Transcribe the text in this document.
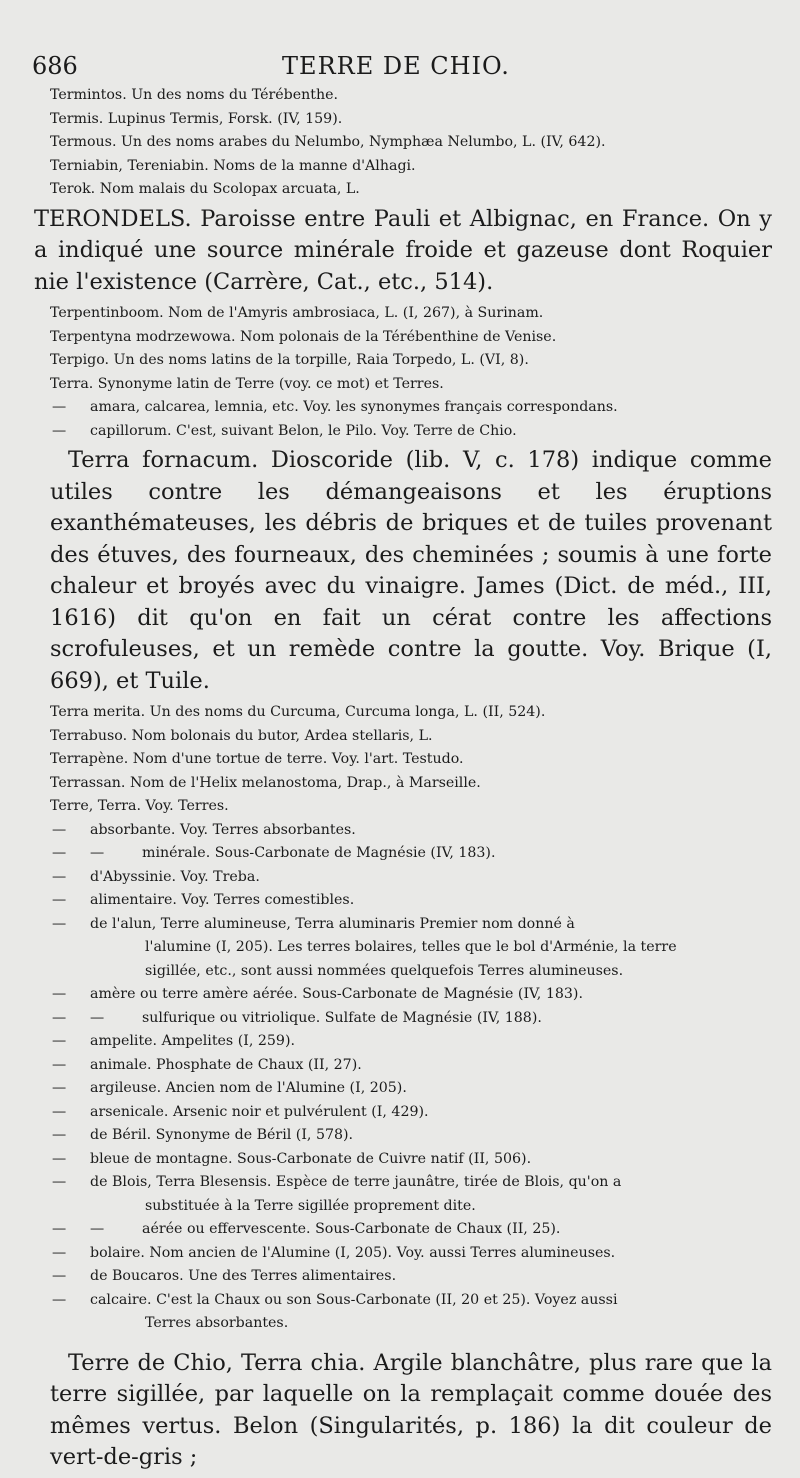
686	TERRE DE CHIO.
Termintos. Un des noms du Térébenthe.
Termis. Lupinus Termis, Forsk. (IV, 159).
Termous. Un des noms arabes du Nelumbo, Nymphæa Nelumbo, L. (IV, 642).
Terniabin, Tereniabin. Noms de la manne d'Alhagi.
Terok. Nom malais du Scolopax arcuata, L.
TERONDELS. Paroisse entre Pauli et Albignac, en France. On y a indiqué une source minérale froide et gazeuse dont Roquier nie l'existence (Carrère, Cat., etc., 514).
Terpentinboom. Nom de l'Amyris ambrosiaca, L. (I, 267), à Surinam.
Terpentyna modrzewowa. Nom polonais de la Térébenthine de Venise.
Terpigo. Un des noms latins de la torpille, Raia Torpedo, L. (VI, 8).
Terra. Synonyme latin de Terre (voy. ce mot) et Terres.
— amara, calcarea, lemnia, etc. Voy. les synonymes français correspondans.
— capillorum. C'est, suivant Belon, le Pilo. Voy. Terre de Chio.
Terra fornacum. Dioscoride (lib. V, c. 178) indique comme utiles contre les démangeaisons et les éruptions exanthémateuses, les débris de briques et de tuiles provenant des étuves, des fourneaux, des cheminées ; soumis à une forte chaleur et broyés avec du vinaigre. James (Dict. de méd., III, 1616) dit qu'on en fait un cérat contre les affections scrofuleuses, et un remède contre la goutte. Voy. Brique (I, 669), et Tuile.
Terra merita. Un des noms du Curcuma, Curcuma longa, L. (II, 524).
Terrabuso. Nom bolonais du butor, Ardea stellaris, L.
Terrapène. Nom d'une tortue de terre. Voy. l'art. Testudo.
Terrassan. Nom de l'Helix melanostoma, Drap., à Marseille.
Terre, Terra. Voy. Terres.
— absorbante. Voy. Terres absorbantes.
— —	minérale. Sous-Carbonate de Magnésie (IV, 183).
— d'Abyssinie. Voy. Treba.
— alimentaire. Voy. Terres comestibles.
— de l'alun, Terre alumineuse, Terra aluminaris Premier nom donné à
l'alumine (I, 205). Les terres bolaires, telles que le bol d'Arménie, la terre
sigillée, etc., sont aussi nommées quelquefois Terres alumineuses.
— amère ou terre amère aérée. Sous-Carbonate de Magnésie (IV, 183).
— —	sulfurique ou vitriolique. Sulfate de Magnésie (IV, 188).
— ampelite. Ampelites (I, 259).
— animale. Phosphate de Chaux (II, 27).
— argileuse. Ancien nom de l'Alumine (I, 205).
— arsenicale. Arsenic noir et pulvérulent (I, 429).
— de Béril. Synonyme de Béril (I, 578).
— bleue de montagne. Sous-Carbonate de Cuivre natif (II, 506).
— de Blois, Terra Blesensis. Espèce de terre jaunâtre, tirée de Blois, qu'on a
substituée à la Terre sigillée proprement dite.
— —	aérée ou effervescente. Sous-Carbonate de Chaux (II, 25).
— bolaire. Nom ancien de l'Alumine (I, 205). Voy. aussi Terres alumineuses.
— de Boucaros. Une des Terres alimentaires.
— calcaire. C'est la Chaux ou son Sous-Carbonate (II, 20 et 25). Voyez aussi
Terres absorbantes.
Terre de Chio, Terra chia. Argile blanchâtre, plus rare que la terre sigillée, par laquelle on la remplaçait comme douée des mêmes vertus. Belon (Singularités, p. 186) la dit couleur de vert-de-gris ;
